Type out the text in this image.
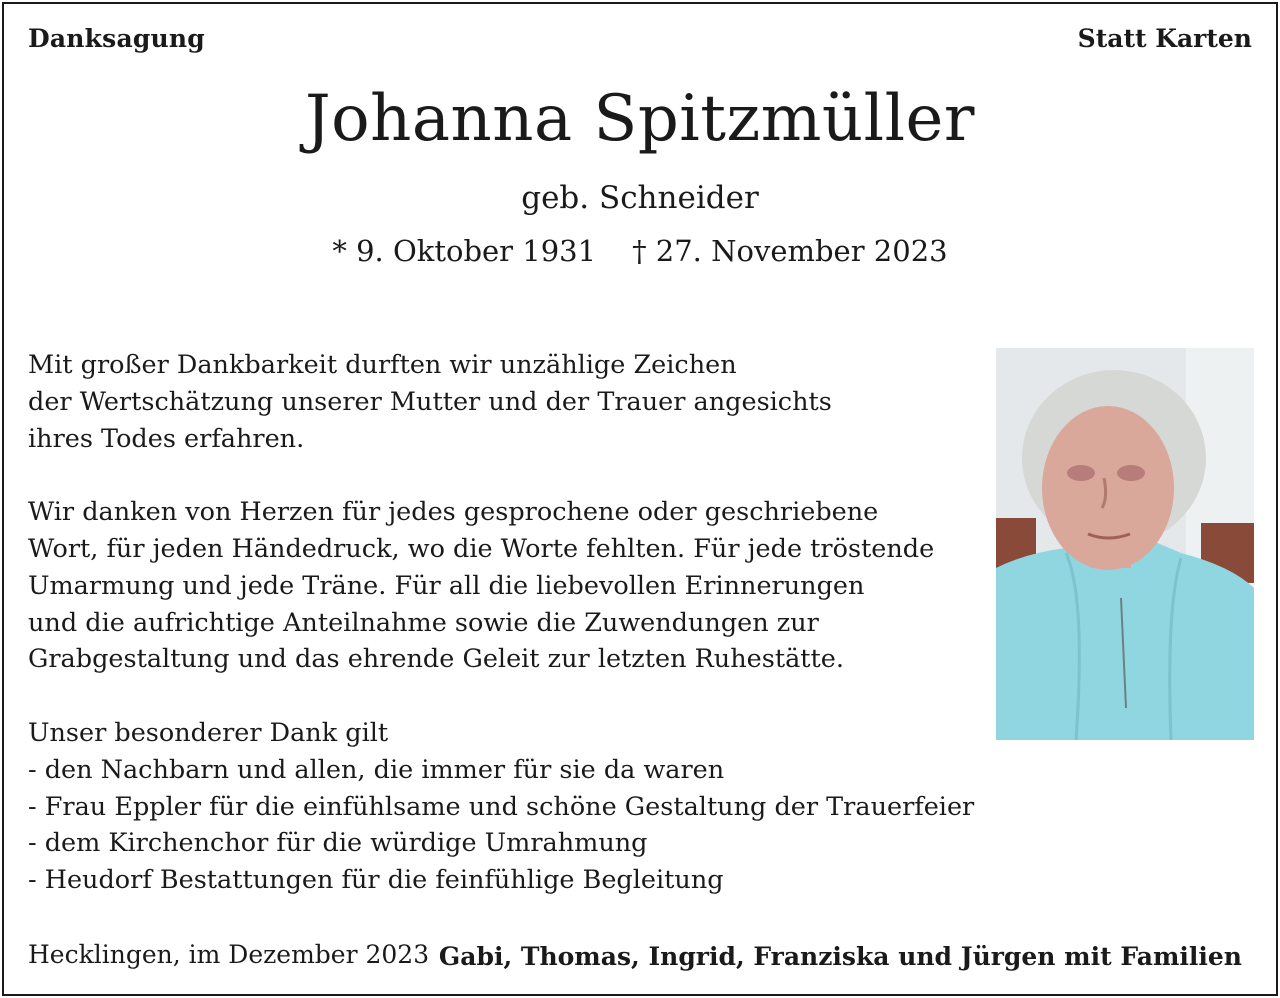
Danksagung	Statt Karten
Johanna Spitzmüller
geb. Schneider
* 9. Oktober 1931 † 27. November 2023

Mit großer Dankbarkeit durften wir unzählige Zeichen

der Wertschätzung unserer Mutter und der Trauer angesichts

ihres Todes erfahren.

Wir danken von Herzen für jedes gesprochene oder geschriebene

Wort, für jeden Händedruck, wo die Worte fehlten. Für jede tröstende

Umarmung und jede Träne. Für all die liebevollen Erinnerungen

und die aufrichtige Anteilnahme sowie die Zuwendungen zur

Grabgestaltung und das ehrende Geleit zur letzten Ruhestätte.

Unser besonderer Dank gilt

- den Nachbarn und allen, die immer für sie da waren

- Frau Eppler für die einfühlsame und schöne Gestaltung der Trauerfeier

- dem Kirchenchor für die würdige Umrahmung

- Heudorf Bestattungen für die feinfühlige Begleitung

Hecklingen, im Dezember 2023 Gabi, Thomas, Ingrid, Franziska und Jürgen mit Familien
